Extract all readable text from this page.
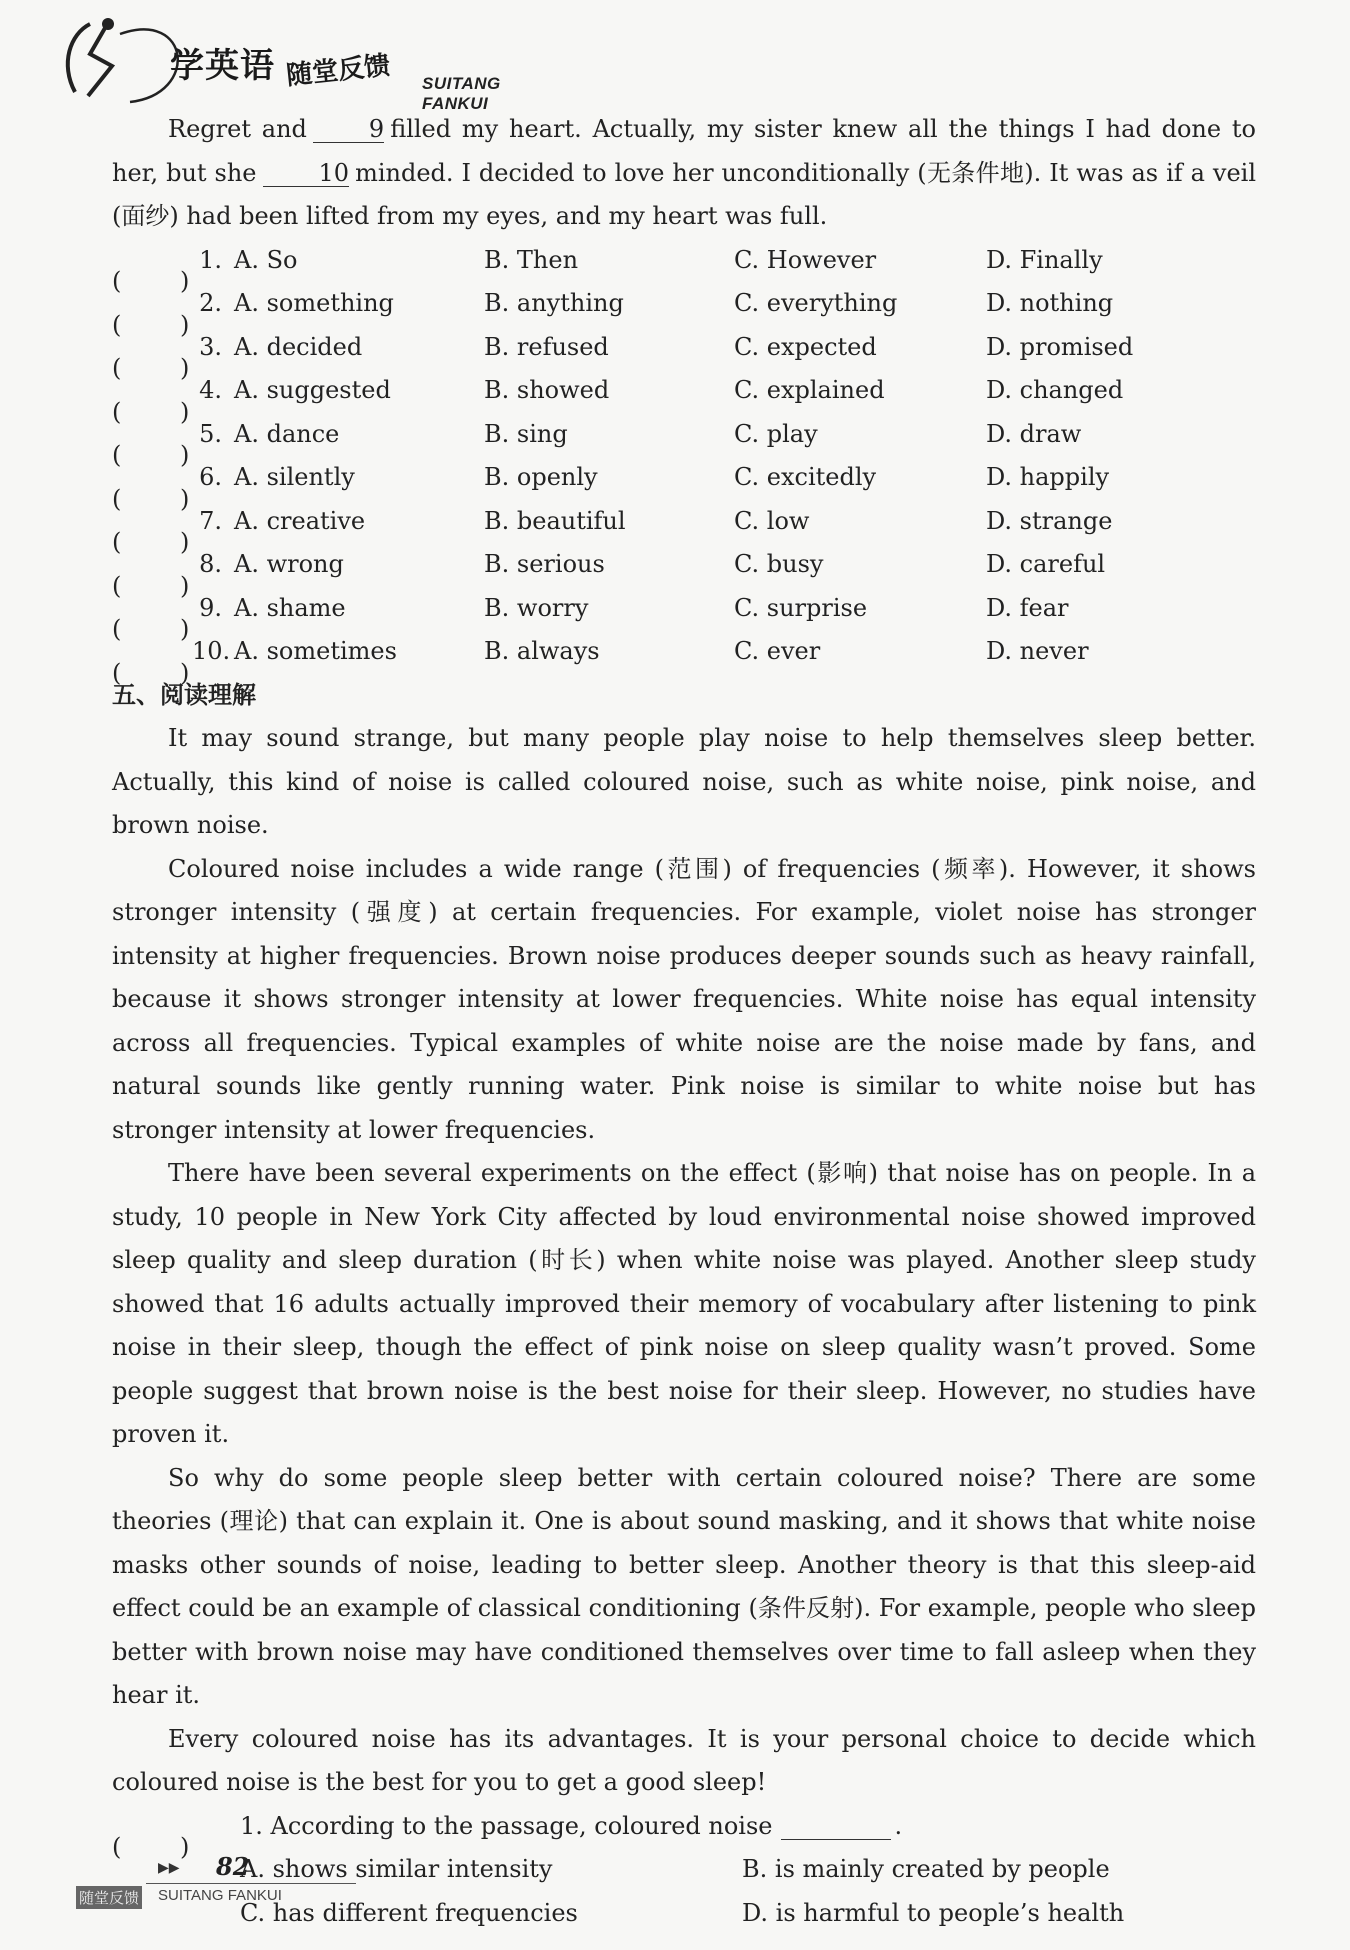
学英语 随堂反馈 SUITANG FANKUI

Regret and	9 filled my heart. Actually, my sister knew all the things I had done to her, but she	10 minded. I decided to love her unconditionally (无条件地). It was as if a veil (面纱) had been lifted from my eyes, and my heart was full.

( )
1. A. So	B. Then	C. However	D. Finally
( )
2. A. something	B. anything	C. everything	D. nothing
( )
3. A. decided	B. refused	C. expected	D. promised
( )
4. A. suggested	B. showed	C. explained	D. changed
( )
5. A. dance	B. sing	C. play	D. draw
( )
6. A. silently	B. openly	C. excitedly	D. happily
( )
7. A. creative	B. beautiful	C. low	D. strange
( )
8. A. wrong	B. serious	C. busy	D. careful
( )
9. A. shame	B. worry	C. surprise	D. fear
( )
10. A. sometimes	B. always	C. ever	D. never
五、阅读理解

It may sound strange, but many people play noise to help themselves sleep better. Actually, this kind of noise is called coloured noise, such as white noise, pink noise, and brown noise.

Coloured noise includes a wide range (范围) of frequencies (频率). However, it shows stronger intensity (强度) at certain frequencies. For example, violet noise has stronger intensity at higher frequencies. Brown noise produces deeper sounds such as heavy rainfall, because it shows stronger intensity at lower frequencies. White noise has equal intensity across all frequencies. Typical examples of white noise are the noise made by fans, and natural sounds like gently running water. Pink noise is similar to white noise but has stronger intensity at lower frequencies.

There have been several experiments on the effect (影响) that noise has on people. In a study, 10 people in New York City affected by loud environmental noise showed improved sleep quality and sleep duration (时长) when white noise was played. Another sleep study showed that 16 adults actually improved their memory of vocabulary after listening to pink noise in their sleep, though the effect of pink noise on sleep quality wasn’t proved. Some people suggest that brown noise is the best noise for their sleep. However, no studies have proven it.

So why do some people sleep better with certain coloured noise? There are some theories (理论) that can explain it. One is about sound masking, and it shows that white noise masks other sounds of noise, leading to better sleep. Another theory is that this sleep-aid effect could be an example of classical conditioning (条件反射). For example, people who sleep better with brown noise may have conditioned themselves over time to fall asleep when they hear it.

Every coloured noise has its advantages. It is your personal choice to decide which coloured noise is the best for you to get a good sleep!

( )
1. According to the passage, coloured noise	.
A. shows similar intensity	B. is mainly created by people
C. has different frequencies	D. is harmful to people’s health
▶▶ 82
随堂反馈 SUITANG FANKUI
